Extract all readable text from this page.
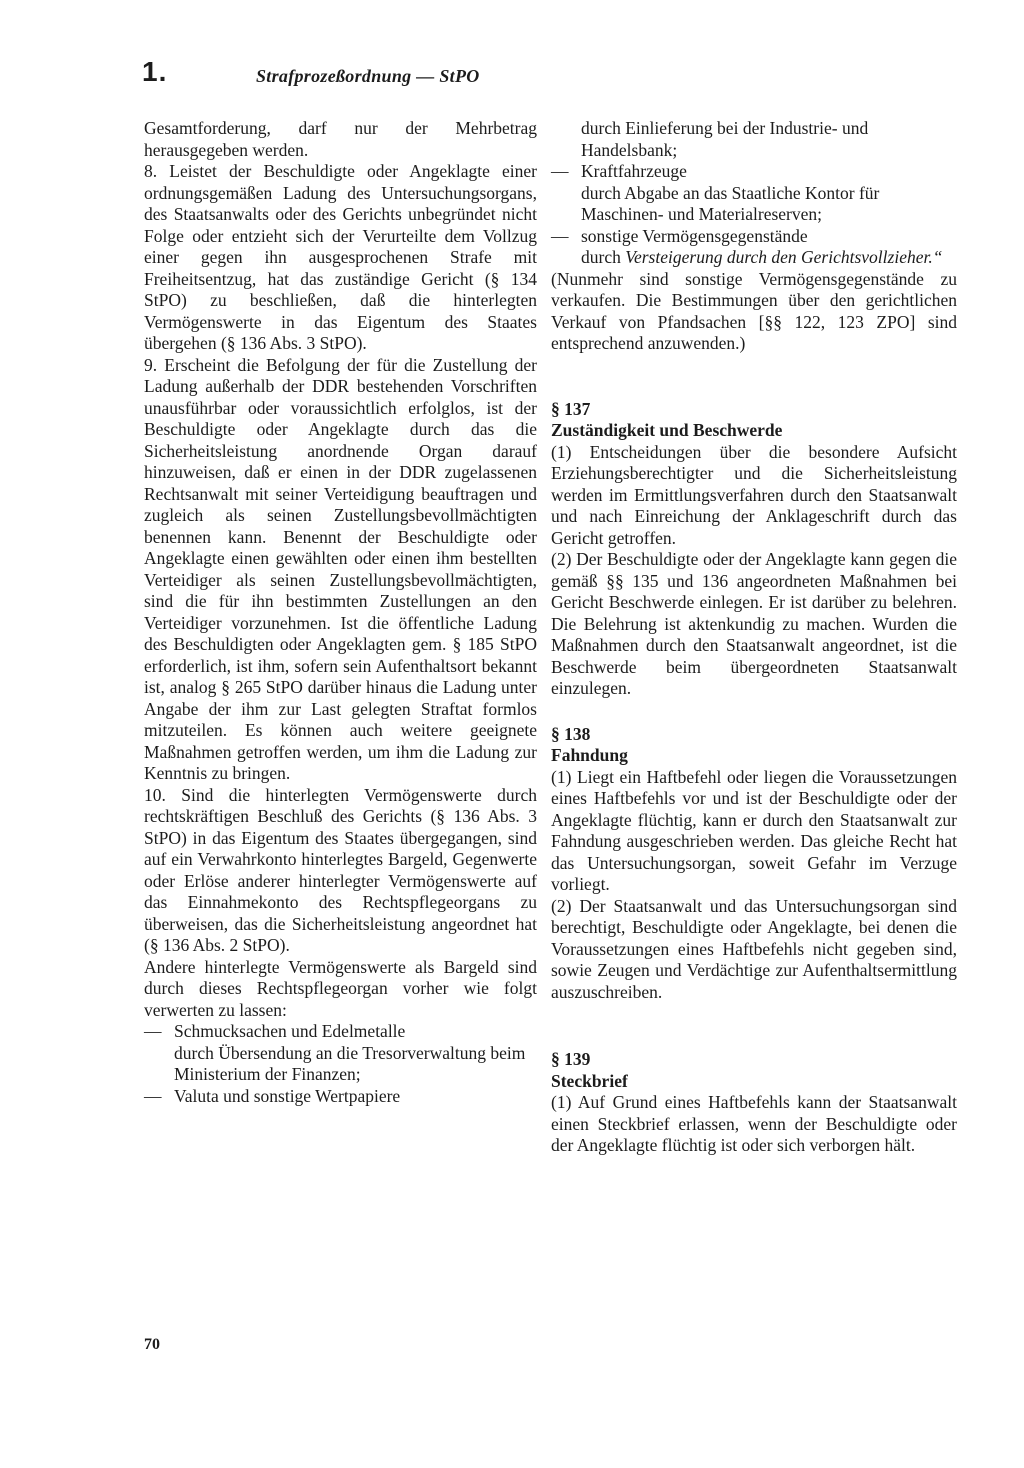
1.	Strafprozeßordnung — StPO

Gesamtforderung, darf nur der Mehrbetrag herausgegeben werden.

8. Leistet der Beschuldigte oder Angeklagte einer ordnungsgemäßen Ladung des Untersuchungsorgans, des Staatsanwalts oder des Gerichts unbegründet nicht Folge oder entzieht sich der Verurteilte dem Vollzug einer gegen ihn ausgesprochenen Strafe mit Freiheitsentzug, hat das zuständige Gericht (§ 134 StPO) zu beschließen, daß die hinterlegten Vermögenswerte in das Eigentum des Staates übergehen (§ 136 Abs. 3 StPO).

9. Erscheint die Befolgung der für die Zustellung der Ladung außerhalb der DDR bestehenden Vorschriften unausführbar oder voraussichtlich erfolglos, ist der Beschuldigte oder Angeklagte durch das die Sicherheitsleistung anordnende Organ darauf hinzuweisen, daß er einen in der DDR zugelassenen Rechtsanwalt mit seiner Verteidigung beauftragen und zugleich als seinen Zustellungsbevollmächtigten benennen kann. Benennt der Beschuldigte oder Angeklagte einen gewählten oder einen ihm bestellten Verteidiger als seinen Zustellungsbevollmächtigten, sind die für ihn bestimmten Zustellungen an den Verteidiger vorzunehmen. Ist die öffentliche Ladung des Beschuldigten oder Angeklagten gem. § 185 StPO erforderlich, ist ihm, sofern sein Aufenthaltsort bekannt ist, analog § 265 StPO darüber hinaus die Ladung unter Angabe der ihm zur Last gelegten Straftat formlos mitzuteilen. Es können auch weitere geeignete Maßnahmen getroffen werden, um ihm die Ladung zur Kenntnis zu bringen.

10. Sind die hinterlegten Vermögenswerte durch rechtskräftigen Beschluß des Gerichts (§ 136 Abs. 3 StPO) in das Eigentum des Staates übergegangen, sind auf ein Verwahrkonto hinterlegtes Bargeld, Gegenwerte oder Erlöse anderer hinterlegter Vermögenswerte auf das Einnahmekonto des Rechtspflegeorgans zu überweisen, das die Sicherheitsleistung angeordnet hat (§ 136 Abs. 2 StPO).

Andere hinterlegte Vermögenswerte als Bargeld sind durch dieses Rechtspflegeorgan vorher wie folgt verwerten zu lassen:

— Schmucksachen und Edelmetalle
durch Übersendung an die Tresorverwaltung beim Ministerium der Finanzen;
— Valuta und sonstige Wertpapiere
durch Einlieferung bei der Industrie- und Handelsbank;
— Kraftfahrzeuge
durch Abgabe an das Staatliche Kontor für Maschinen- und Materialreserven;
— sonstige Vermögensgegenstände
durch Versteigerung durch den Gerichtsvollzieher.“

(Nunmehr sind sonstige Vermögensgegenstände zu verkaufen. Die Bestimmungen über den gerichtlichen Verkauf von Pfandsachen [§§ 122, 123 ZPO] sind entsprechend anzuwenden.)

§ 137

Zuständigkeit und Beschwerde

(1) Entscheidungen über die besondere Aufsicht Erziehungsberechtigter und die Sicherheitsleistung werden im Ermittlungsverfahren durch den Staatsanwalt und nach Einreichung der Anklageschrift durch das Gericht getroffen.

(2) Der Beschuldigte oder der Angeklagte kann gegen die gemäß §§ 135 und 136 angeordneten Maßnahmen bei Gericht Beschwerde einlegen. Er ist darüber zu belehren. Die Belehrung ist aktenkundig zu machen. Wurden die Maßnahmen durch den Staatsanwalt angeordnet, ist die Beschwerde beim übergeordneten Staatsanwalt einzulegen.

§ 138

Fahndung

(1) Liegt ein Haftbefehl oder liegen die Voraussetzungen eines Haftbefehls vor und ist der Beschuldigte oder der Angeklagte flüchtig, kann er durch den Staatsanwalt zur Fahndung ausgeschrieben werden. Das gleiche Recht hat das Untersuchungsorgan, soweit Gefahr im Verzuge vorliegt.

(2) Der Staatsanwalt und das Untersuchungsorgan sind berechtigt, Beschuldigte oder Angeklagte, bei denen die Voraussetzungen eines Haftbefehls nicht gegeben sind, sowie Zeugen und Verdächtige zur Aufenthaltsermittlung auszuschreiben.

§ 139

Steckbrief

(1) Auf Grund eines Haftbefehls kann der Staatsanwalt einen Steckbrief erlassen, wenn der Beschuldigte oder der Angeklagte flüchtig ist oder sich verborgen hält.

70
